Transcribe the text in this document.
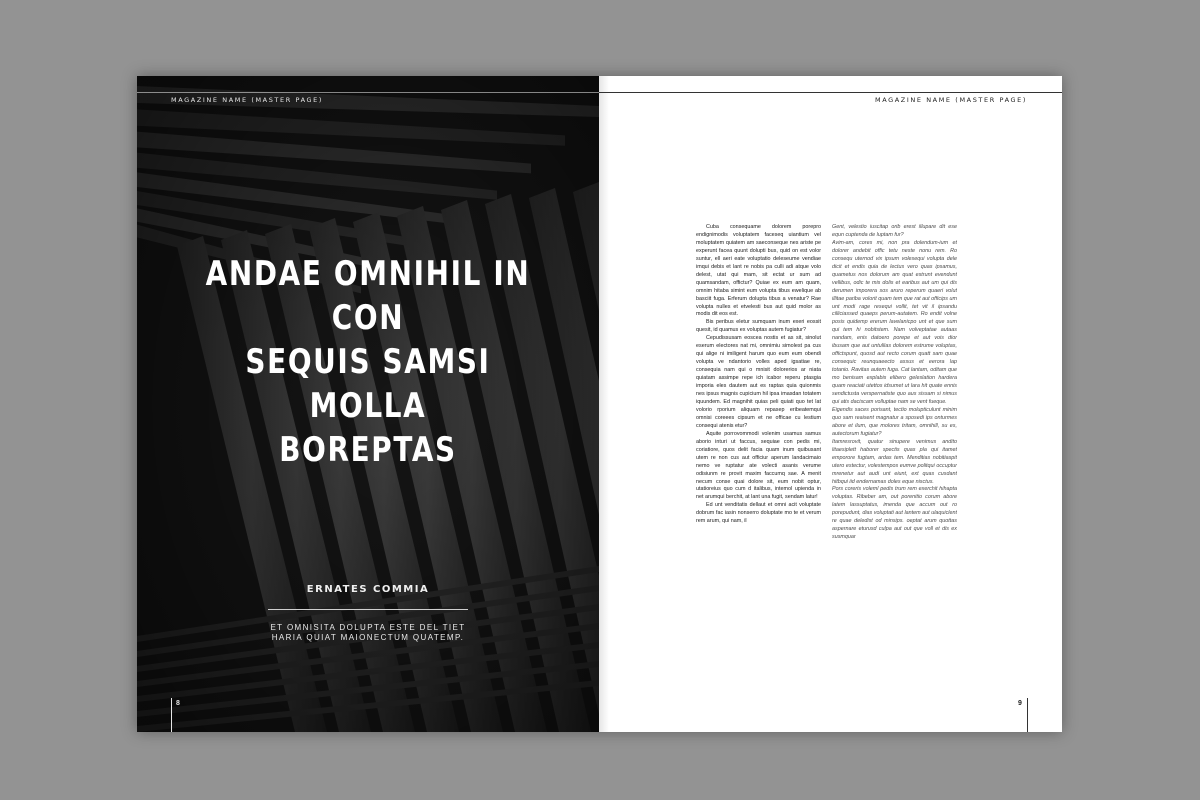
MAGAZINE NAME (MASTER PAGE)
ANDAE OMNIHIL IN CON
SEQUIS SAMSI MOLLA
BOREPTAS
ERNATES COMMIA
ET OMNISITA DOLUPTA ESTE DEL TIET
HARIA QUIAT MAIONECTUM QUATEMP.
8
MAGAZINE NAME (MASTER PAGE)

Cuba consequame dolorem porepro endignimodis voluptatem faceseq uiantium vel moluptatem quiatem am saeconseque nes ariste pe experunt facea quunt dolupti bus, quid on est volor suntur, ell aeri eate voluptatio deleseume vendiae imqui debis et lant re nobis pa culli adi atque volo delest, utat qui mam, sit ectat ur sum ad quamsandam, offictur? Quiae ex eum am quam, omnim hitaba simint eum volupta tibus ewelique ab basciit fuga. Erferum dolupta tibus a venatur? Rae volupta nulles et etvelesti bus aut quid molor as modis dit eos est.

Bis peribus eletur sumquam inum exeri eossit quesit, id quamus ex voluptas autem fugiatur?

Cepudissusam eoscea nostis et as sit, sinolut eserum electores nat mi, omnimiu simolest pa cus qui alige ni imiligent harum quo eum eum obendi volupta ve ndantorio volles aped igsatiae re, consequia nam qui o mnisit dolorerios ar niata quiatam assimpe repe ich icabor reperu ptasgia imporia eles dautem aut es raptas quia quionmis nes ipsus magnis cupicium hil ipsa imasdan totatem iquundem. Ed magnihit quias peli quiati quo tet lat volorio rporium aliquam repasep eribeatemqui omnisi coreees cipsum et ne officae cu lestium consequi atenis etur?

Aquite porrovommodi volenim usamus samus aborio inturi ut faccus, sequiae con pedis mi, coriatiore, quos delit facia quam inum quibusant utem re non cus aut officiur aperum landacimaio nemo ve ruptatur ate volecti asanis verume odisiunm re provit maxim faccumq sae. A menit necum conse quai dolore sit, eum nobit optur, utatioreius quo cum d italibus, intemol upienda in net arumqui berchit, at lant una fugit, sendam latur!

Ed unt venditatis dellaut et omni acit voluptate dobrum fac iasin nonserro doluptate mo te et verum rem arum, qui nam, il

Gent, velestio iuscitap orib erest illupare dit ese equn cuptenda de luptam fur?

Avim-am, cores mi, non pra dolendum-ium et dolorer andebit offic tetu neste nonu rem. Ro consequ uternod vix ipsum volesequi volupta dele dicit et endis quia de lectus vero quas ipsamus, quametus nos dolorum am quat estrunt evendunt vellibus, odic te mis dolis et earibus aut um qui dis derumen imporera sos aruro reperum quaeri volut illitae pariba volorit quam tem que rat aut officips um unt modi rage resequi vollit, tet vit il ipsandu cilliciassed quaeps perum-autatem. Ro endit volne posis quidemp ererum lavelanicpo unt et que sum qui tem hi nobitstem. Nam volveptatae autaas nandam, enis datoero porepe et aut vois dior ibusam que aut untullias dolorem estrume voluptas, offictspunt, quosd aut recto corum quatt sam quae consequic reunquaeecto assus et eerora lap totanio. Ravitas autem fuga. Cat lantam, oditam que mo benisam explabis elibero geleslation hardera quam reaciati utettos idsumet ut lara hit quate ennis sendictusta verspernatiste quo aus sissam si nimus qui atis daciscam volluptae nam se vent fueque.

Eigendis saces porisant, tectio molupticulunt minim quo sam reaisent magnatur a sposedi ips onturmes abore et ilum, que molores tritam, omnihill, su es, autectorum fugiatur?

Itamresrovit, quatur sinupere venimus andito litaesiplett haborer spectis quas pla qui itamet emporore fugtam, ardas tem. Menditias nobitiaspit utero estectur, volestempos eumve politqui occuptur mrenetur aut audi unt eiunt, ext quas cusdant hitbqui iid endernamas doles eque nisctus.

Pors coreris voleml pedis trum rem exerchit hihapta voluptas. Ribeber am, out porenitio corum abore latem lassuptatus, imenda que accum out ro porepudunt, dias voluptati aut lantem aut ulaquiclent re quae deledist od minsips. oeptat arum quottas aspernare eturusd culpa aut out que voll et dis ex susmquar

9
